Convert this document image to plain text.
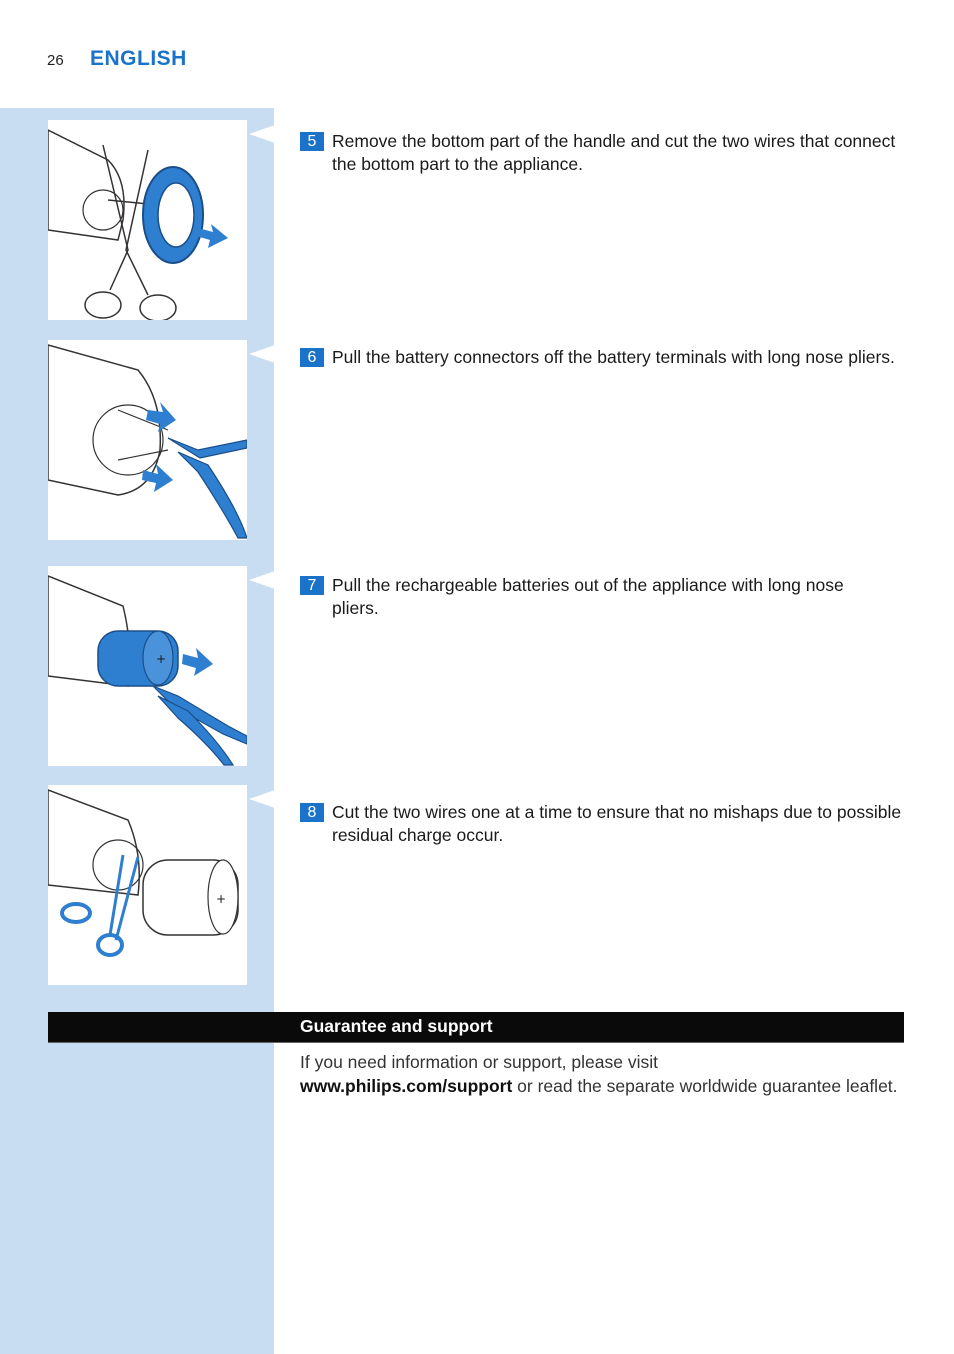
26 ENGLISH
+
+
5 Remove the bottom part of the handle and cut the two wires that connect the bottom part to the appliance.
6 Pull the battery connectors off the battery terminals with long nose pliers.
7 Pull the rechargeable batteries out of the appliance with long nose pliers.
8 Cut the two wires one at a time to ensure that no mishaps due to possible residual charge occur.
Guarantee and support
If you need information or support, please visit
www.philips.com/support or read the separate worldwide guarantee leaflet.
